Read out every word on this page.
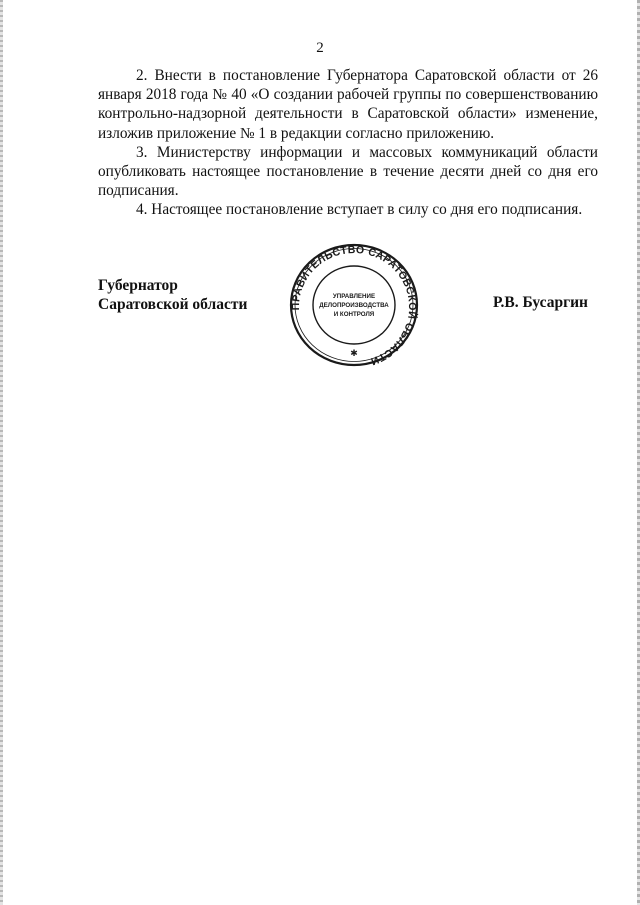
2

2. Внести в постановление Губернатора Саратовской области от 26 января 2018 года № 40 «О создании рабочей группы по совершенствованию контрольно-надзорной деятельности в Саратовской области» изменение, изложив приложение № 1 в редакции согласно приложению.

3. Министерству информации и массовых коммуникаций области опубликовать настоящее постановление в течение десяти дней со дня его подписания.

4. Настоящее постановление вступает в силу со дня его подписания.

Губернатор
Саратовской области	Р.В. Бусаргин
ПРАВИТЕЛЬСТВО САРАТОВСКОЙ ОБЛАСТИ
УПРАВЛЕНИЕ
ДЕЛОПРОИЗВОДСТВА
И КОНТРОЛЯ
✱
